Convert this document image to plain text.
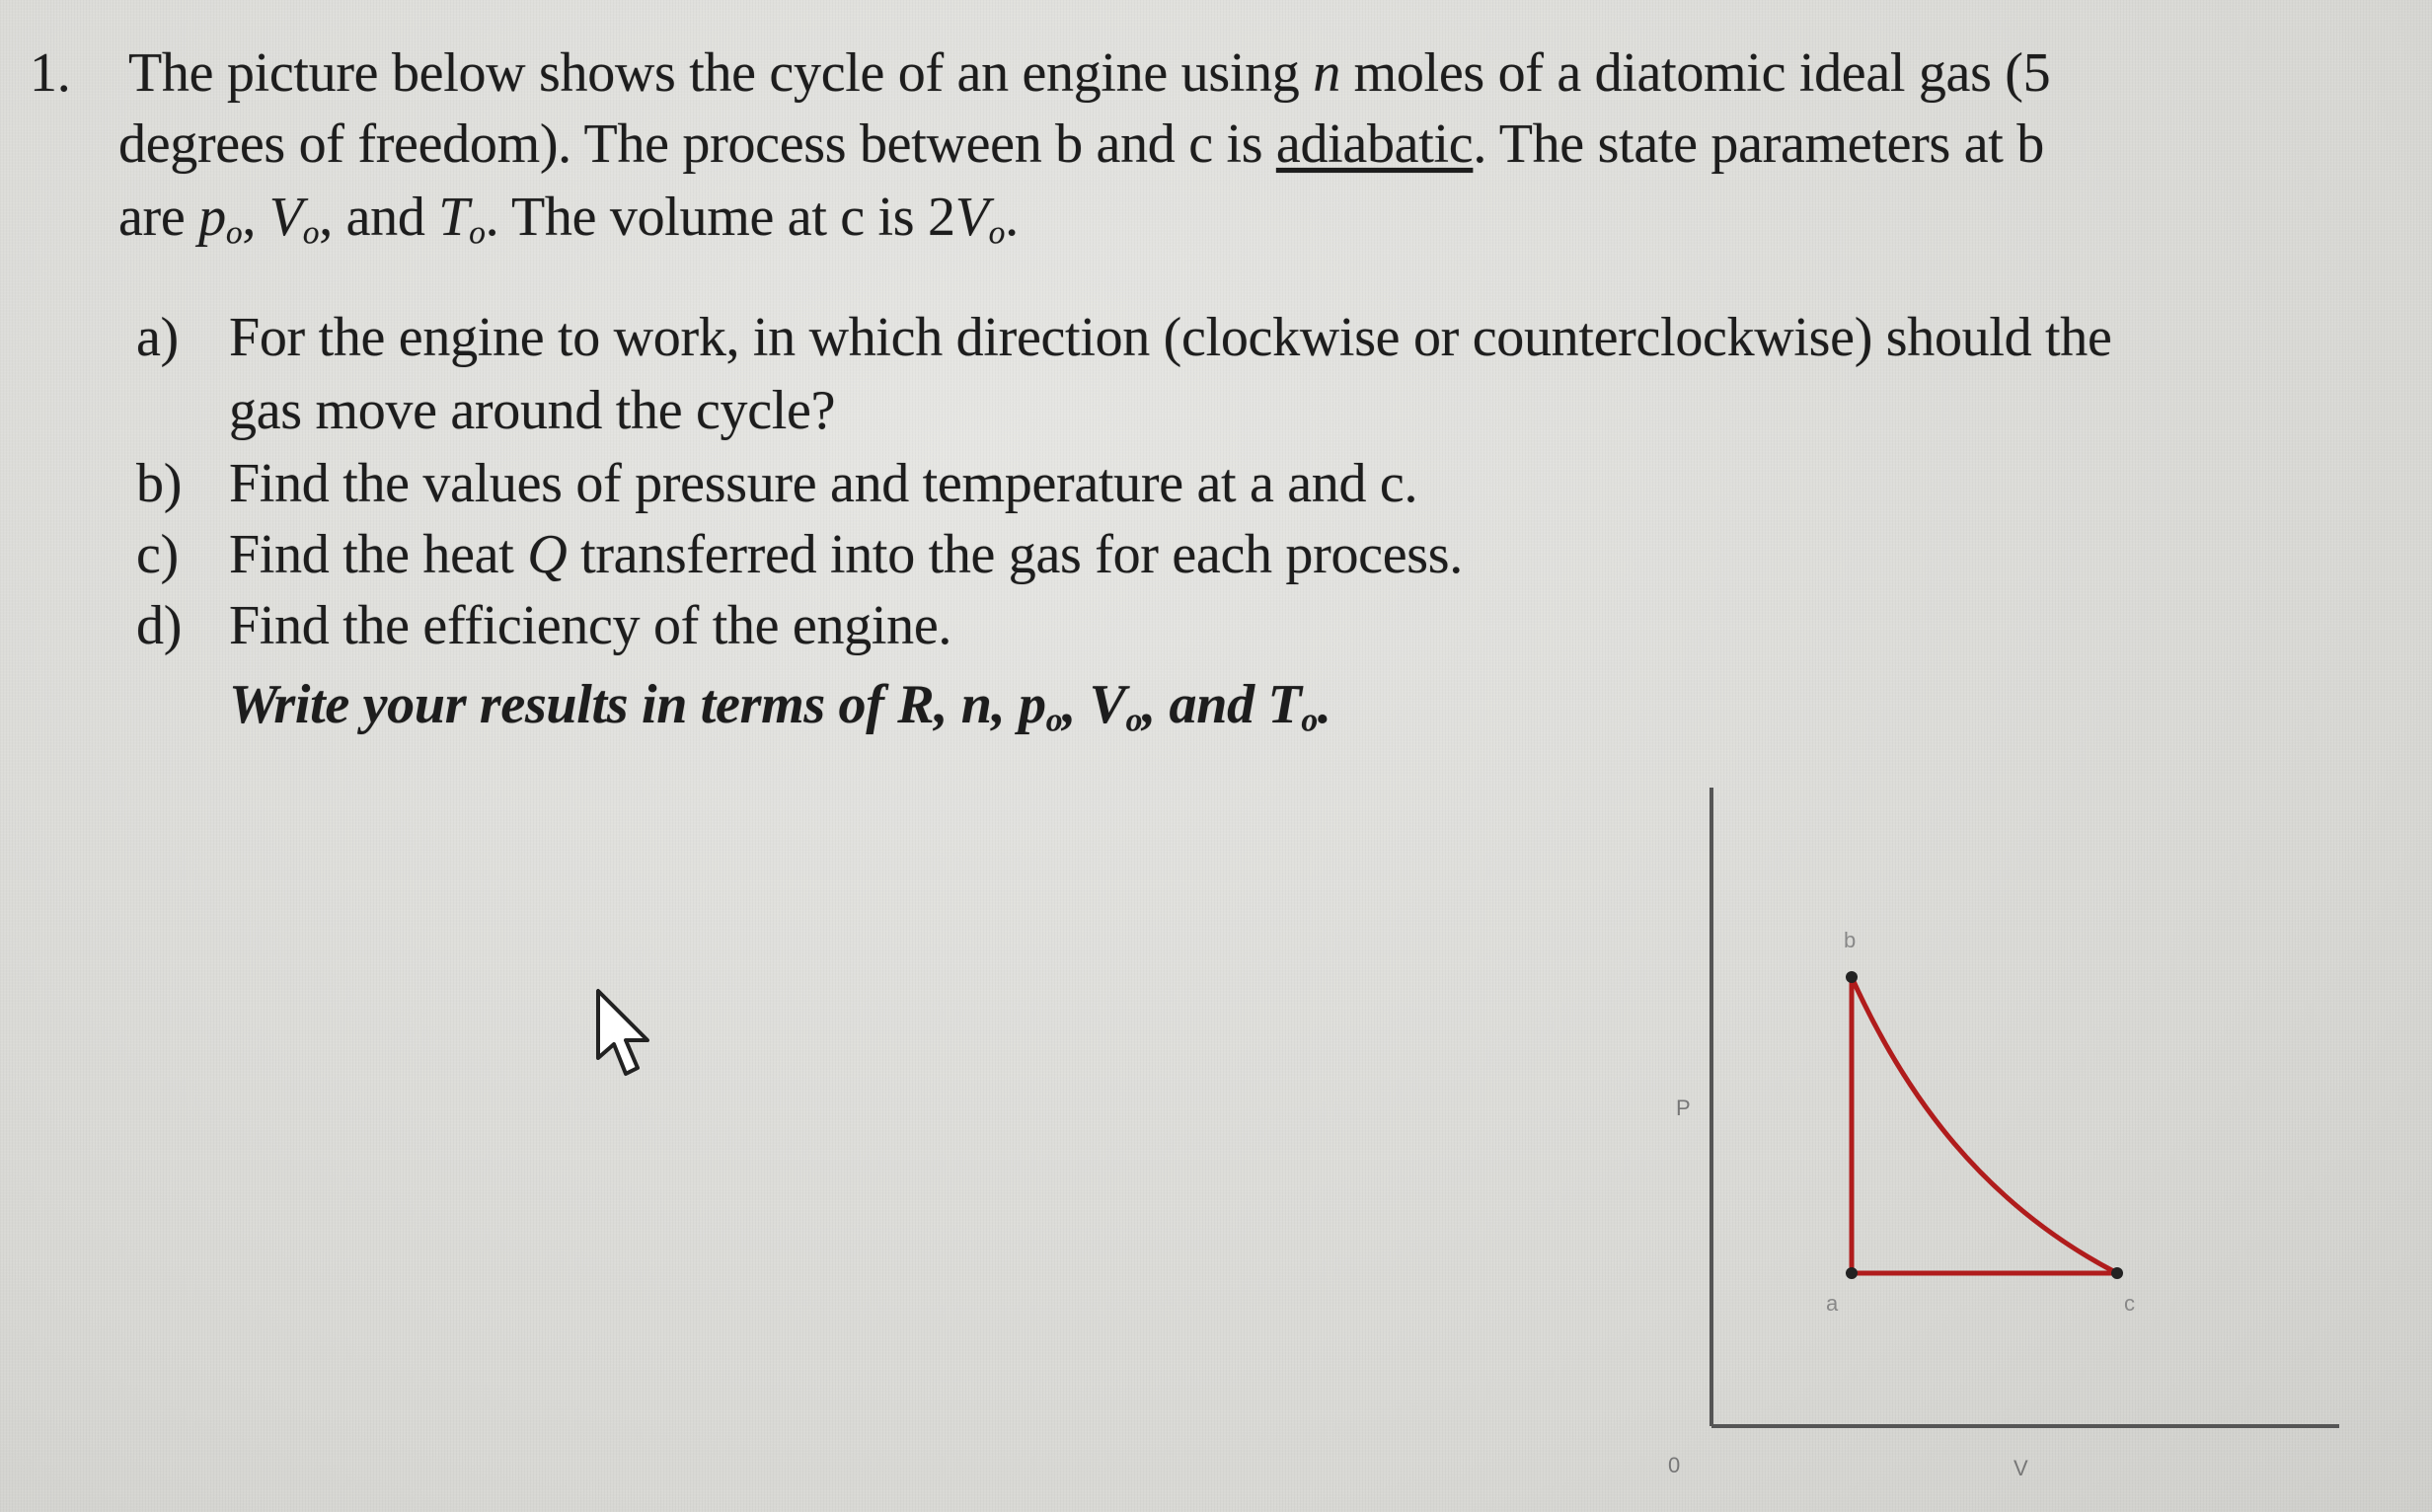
1. The picture below shows the cycle of an engine using n moles of a diatomic ideal gas (5
degrees of freedom). The process between b and c is adiabatic. The state parameters at b
are $p_o$, $V_o$, and $T_o$. The volume at c is $2V_o$.
a) For the engine to work, in which direction (clockwise or counterclockwise) should the
gas move around the cycle?
b) Find the values of pressure and temperature at a and c.
c) Find the heat Q transferred into the gas for each process.
d) Find the efficiency of the engine.
Write your results in terms of R, n, $p_o$, $V_o$, and $T_o$.
P
V
0
b
a	c
